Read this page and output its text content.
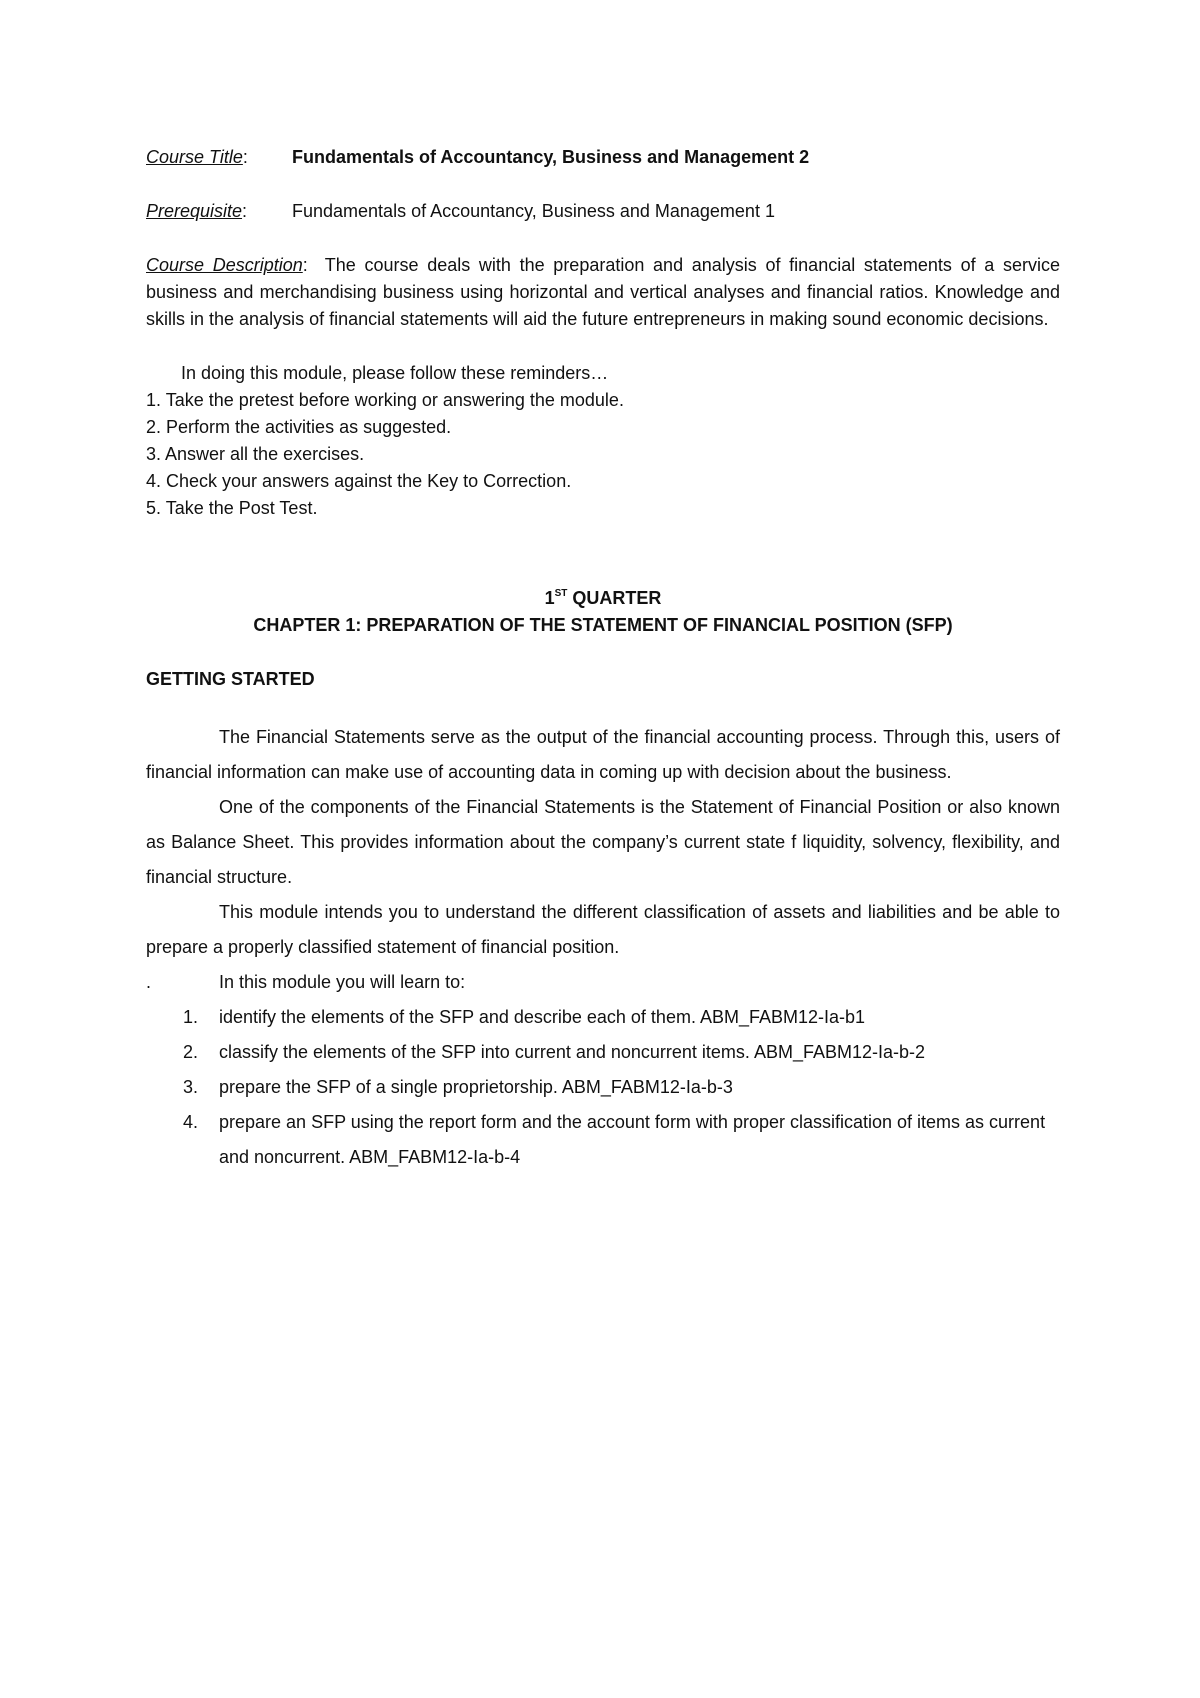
Course Title: Fundamentals of Accountancy, Business and Management 2
Prerequisite: Fundamentals of Accountancy, Business and Management 1
Course Description:  The course deals with the preparation and analysis of financial statements of a service business and merchandising business using horizontal and vertical analyses and financial ratios. Knowledge and skills in the analysis of financial statements will aid the future entrepreneurs in making sound economic decisions.
In doing this module, please follow these reminders…
1. Take the pretest before working or answering the module.
2. Perform the activities as suggested.
3. Answer all the exercises.
4. Check your answers against the Key to Correction.
5. Take the Post Test.
1ST QUARTER
CHAPTER 1: PREPARATION OF THE STATEMENT OF FINANCIAL POSITION (SFP)
GETTING STARTED
The Financial Statements serve as the output of the financial accounting process. Through this, users of financial information can make use of accounting data in coming up with decision about the business.
One of the components of the Financial Statements is the Statement of Financial Position or also known as Balance Sheet. This provides information about the company’s current state f liquidity, solvency, flexibility, and financial structure.
This module intends you to understand the different classification of assets and liabilities and be able to prepare a properly classified statement of financial position.
.	In this module you will learn to:
1. identify the elements of the SFP and describe each of them. ABM_FABM12-Ia-b1
2. classify the elements of the SFP into current and noncurrent items. ABM_FABM12-Ia-b-2
3. prepare the SFP of a single proprietorship. ABM_FABM12-Ia-b-3
4. prepare an SFP using the report form and the account form with proper classification of items as current and noncurrent. ABM_FABM12-Ia-b-4
